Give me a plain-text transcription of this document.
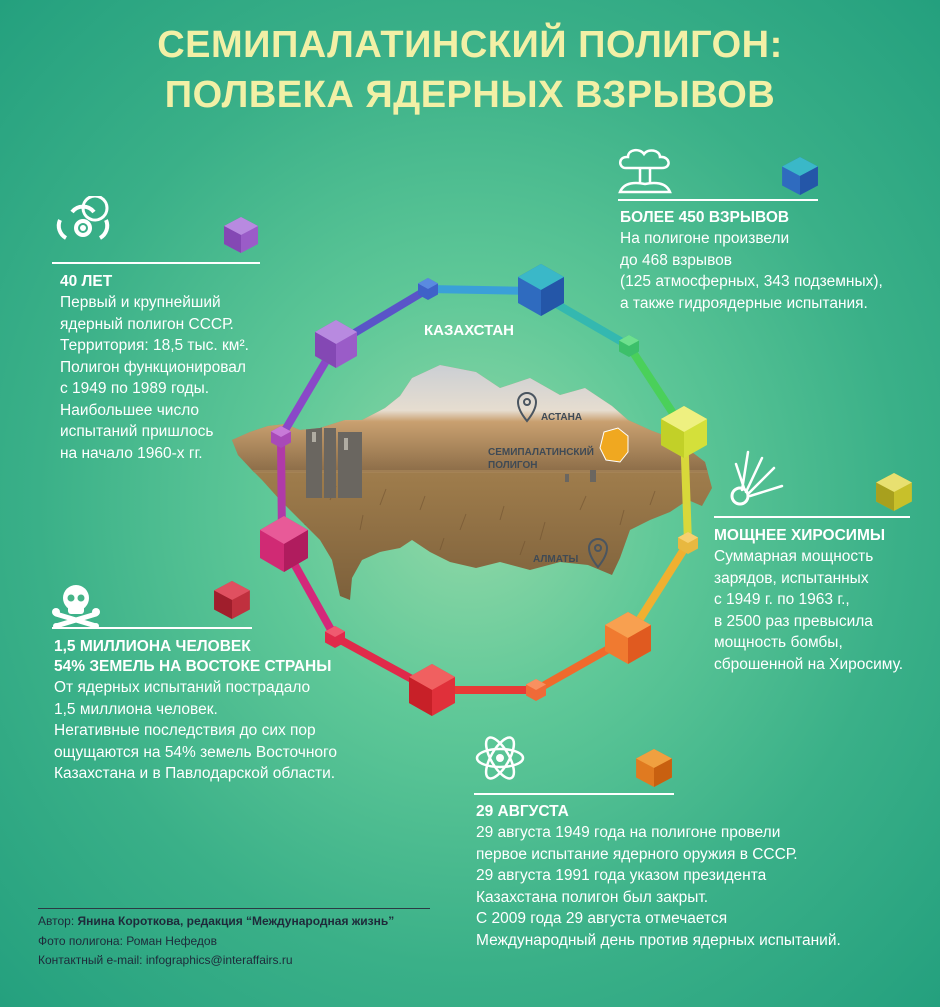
СЕМИПАЛАТИНСКИЙ ПОЛИГОН:
ПОЛВЕКА ЯДЕРНЫХ ВЗРЫВОВ
КАЗАХСТАН
АСТАНА
СЕМИПАЛАТИНСКИЙ
ПОЛИГОН
АЛМАТЫ
40 ЛЕТ
Первый и крупнейший
ядерный полигон СССР.
Территория: 18,5 тыс. км².
Полигон функционировал
с 1949 по 1989 годы.
Наибольшее число
испытаний пришлось
на начало 1960-х гг.
БОЛЕЕ 450 ВЗРЫВОВ
На полигоне произвели
до 468 взрывов
(125 атмосферных, 343 подземных),
а также гидроядерные испытания.
МОЩНЕЕ ХИРОСИМЫ
Суммарная мощность
зарядов, испытанных
с 1949 г. по 1963 г.,
в 2500 раз превысила
мощность бомбы,
сброшенной на Хиросиму.
1,5 МИЛЛИОНА ЧЕЛОВЕК
54% ЗЕМЕЛЬ НА ВОСТОКЕ СТРАНЫ
От ядерных испытаний пострадало
1,5 миллиона человек.
Негативные последствия до сих пор
ощущаются на 54% земель Восточного
Казахстана и в Павлодарской области.
29 АВГУСТА
29 августа 1949 года на полигоне провели
первое испытание ядерного оружия в СССР.
29 августа 1991 года указом президента
Казахстана полигон был закрыт.
С 2009 года 29 августа отмечается
Международный день против ядерных испытаний.
Автор: Янина Короткова, редакция “Международная жизнь”
Фото полигона: Роман Нефедов
Контактный e-mail: infographics@interaffairs.ru
